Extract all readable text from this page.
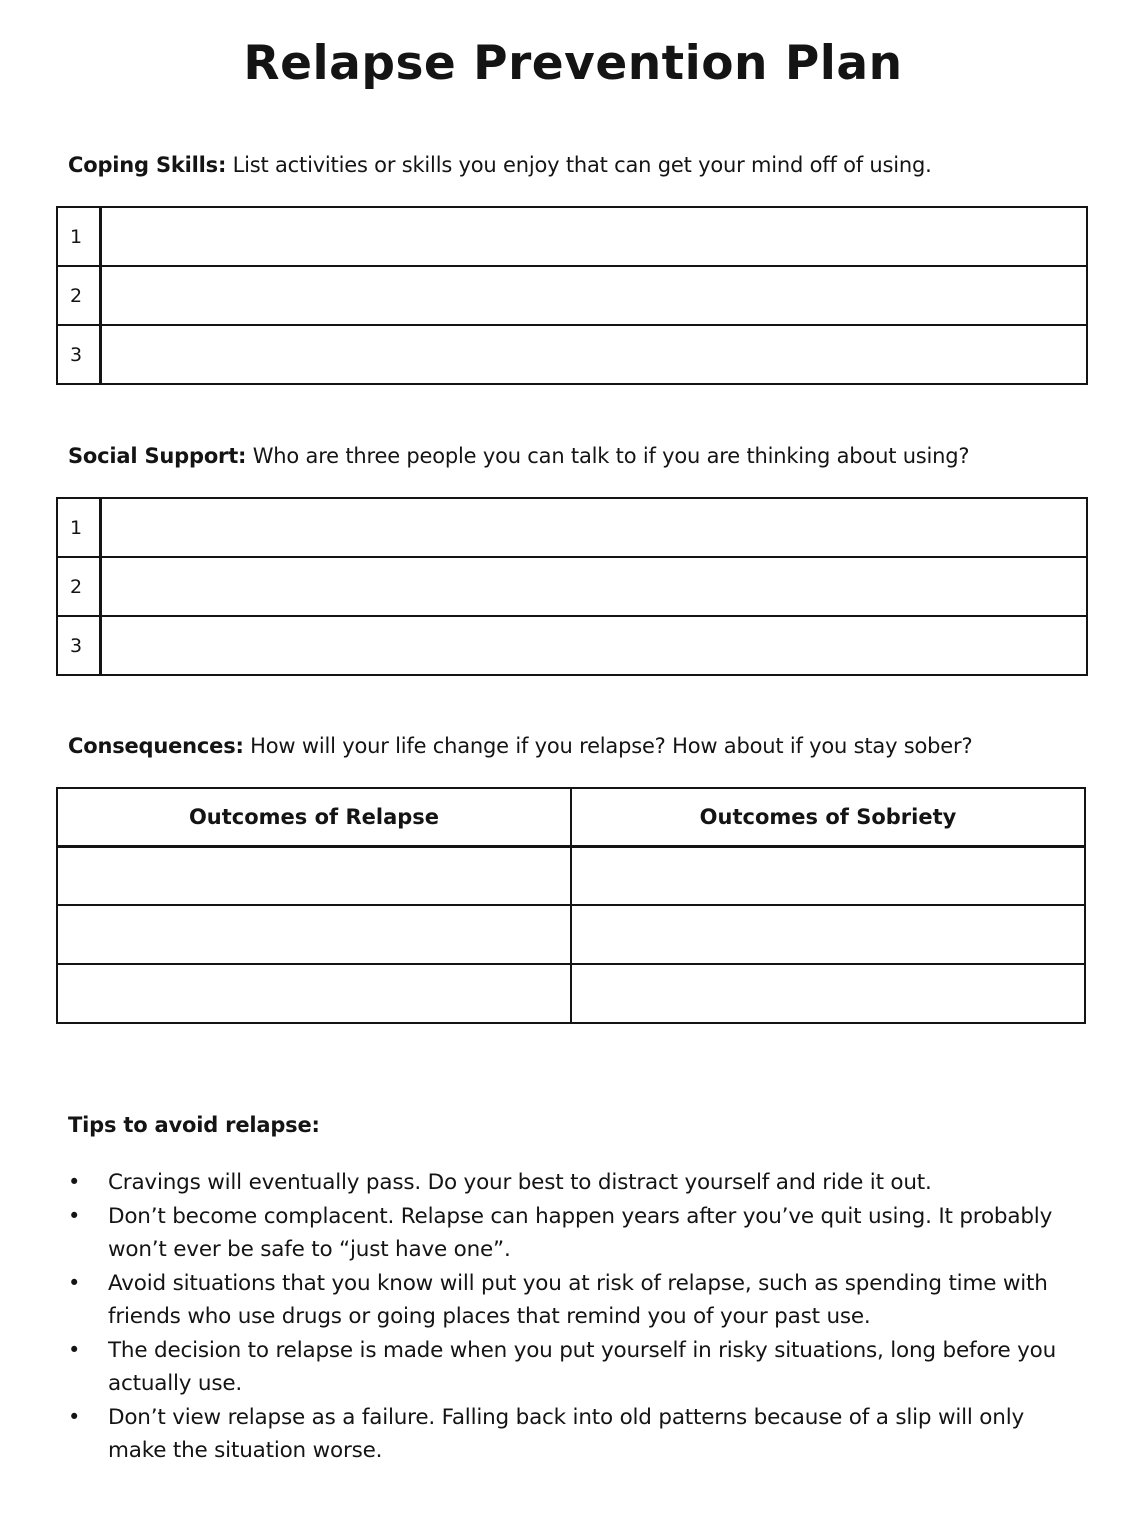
Relapse Prevention Plan
Coping Skills: List activities or skills you enjoy that can get your mind off of using.
1	
2	
3	
Social Support: Who are three people you can talk to if you are thinking about using?
1	
2	
3	
Consequences: How will your life change if you relapse? How about if you stay sober?
Outcomes of Relapse	Outcomes of Sobriety

Tips to avoid relapse:
• Cravings will eventually pass. Do your best to distract yourself and ride it out.
• Don’t become complacent. Relapse can happen years after you’ve quit using. It probably won’t ever be safe to “just have one”.
• Avoid situations that you know will put you at risk of relapse, such as spending time with friends who use drugs or going places that remind you of your past use.
• The decision to relapse is made when you put yourself in risky situations, long before you actually use.
• Don’t view relapse as a failure. Falling back into old patterns because of a slip will only make the situation worse.
